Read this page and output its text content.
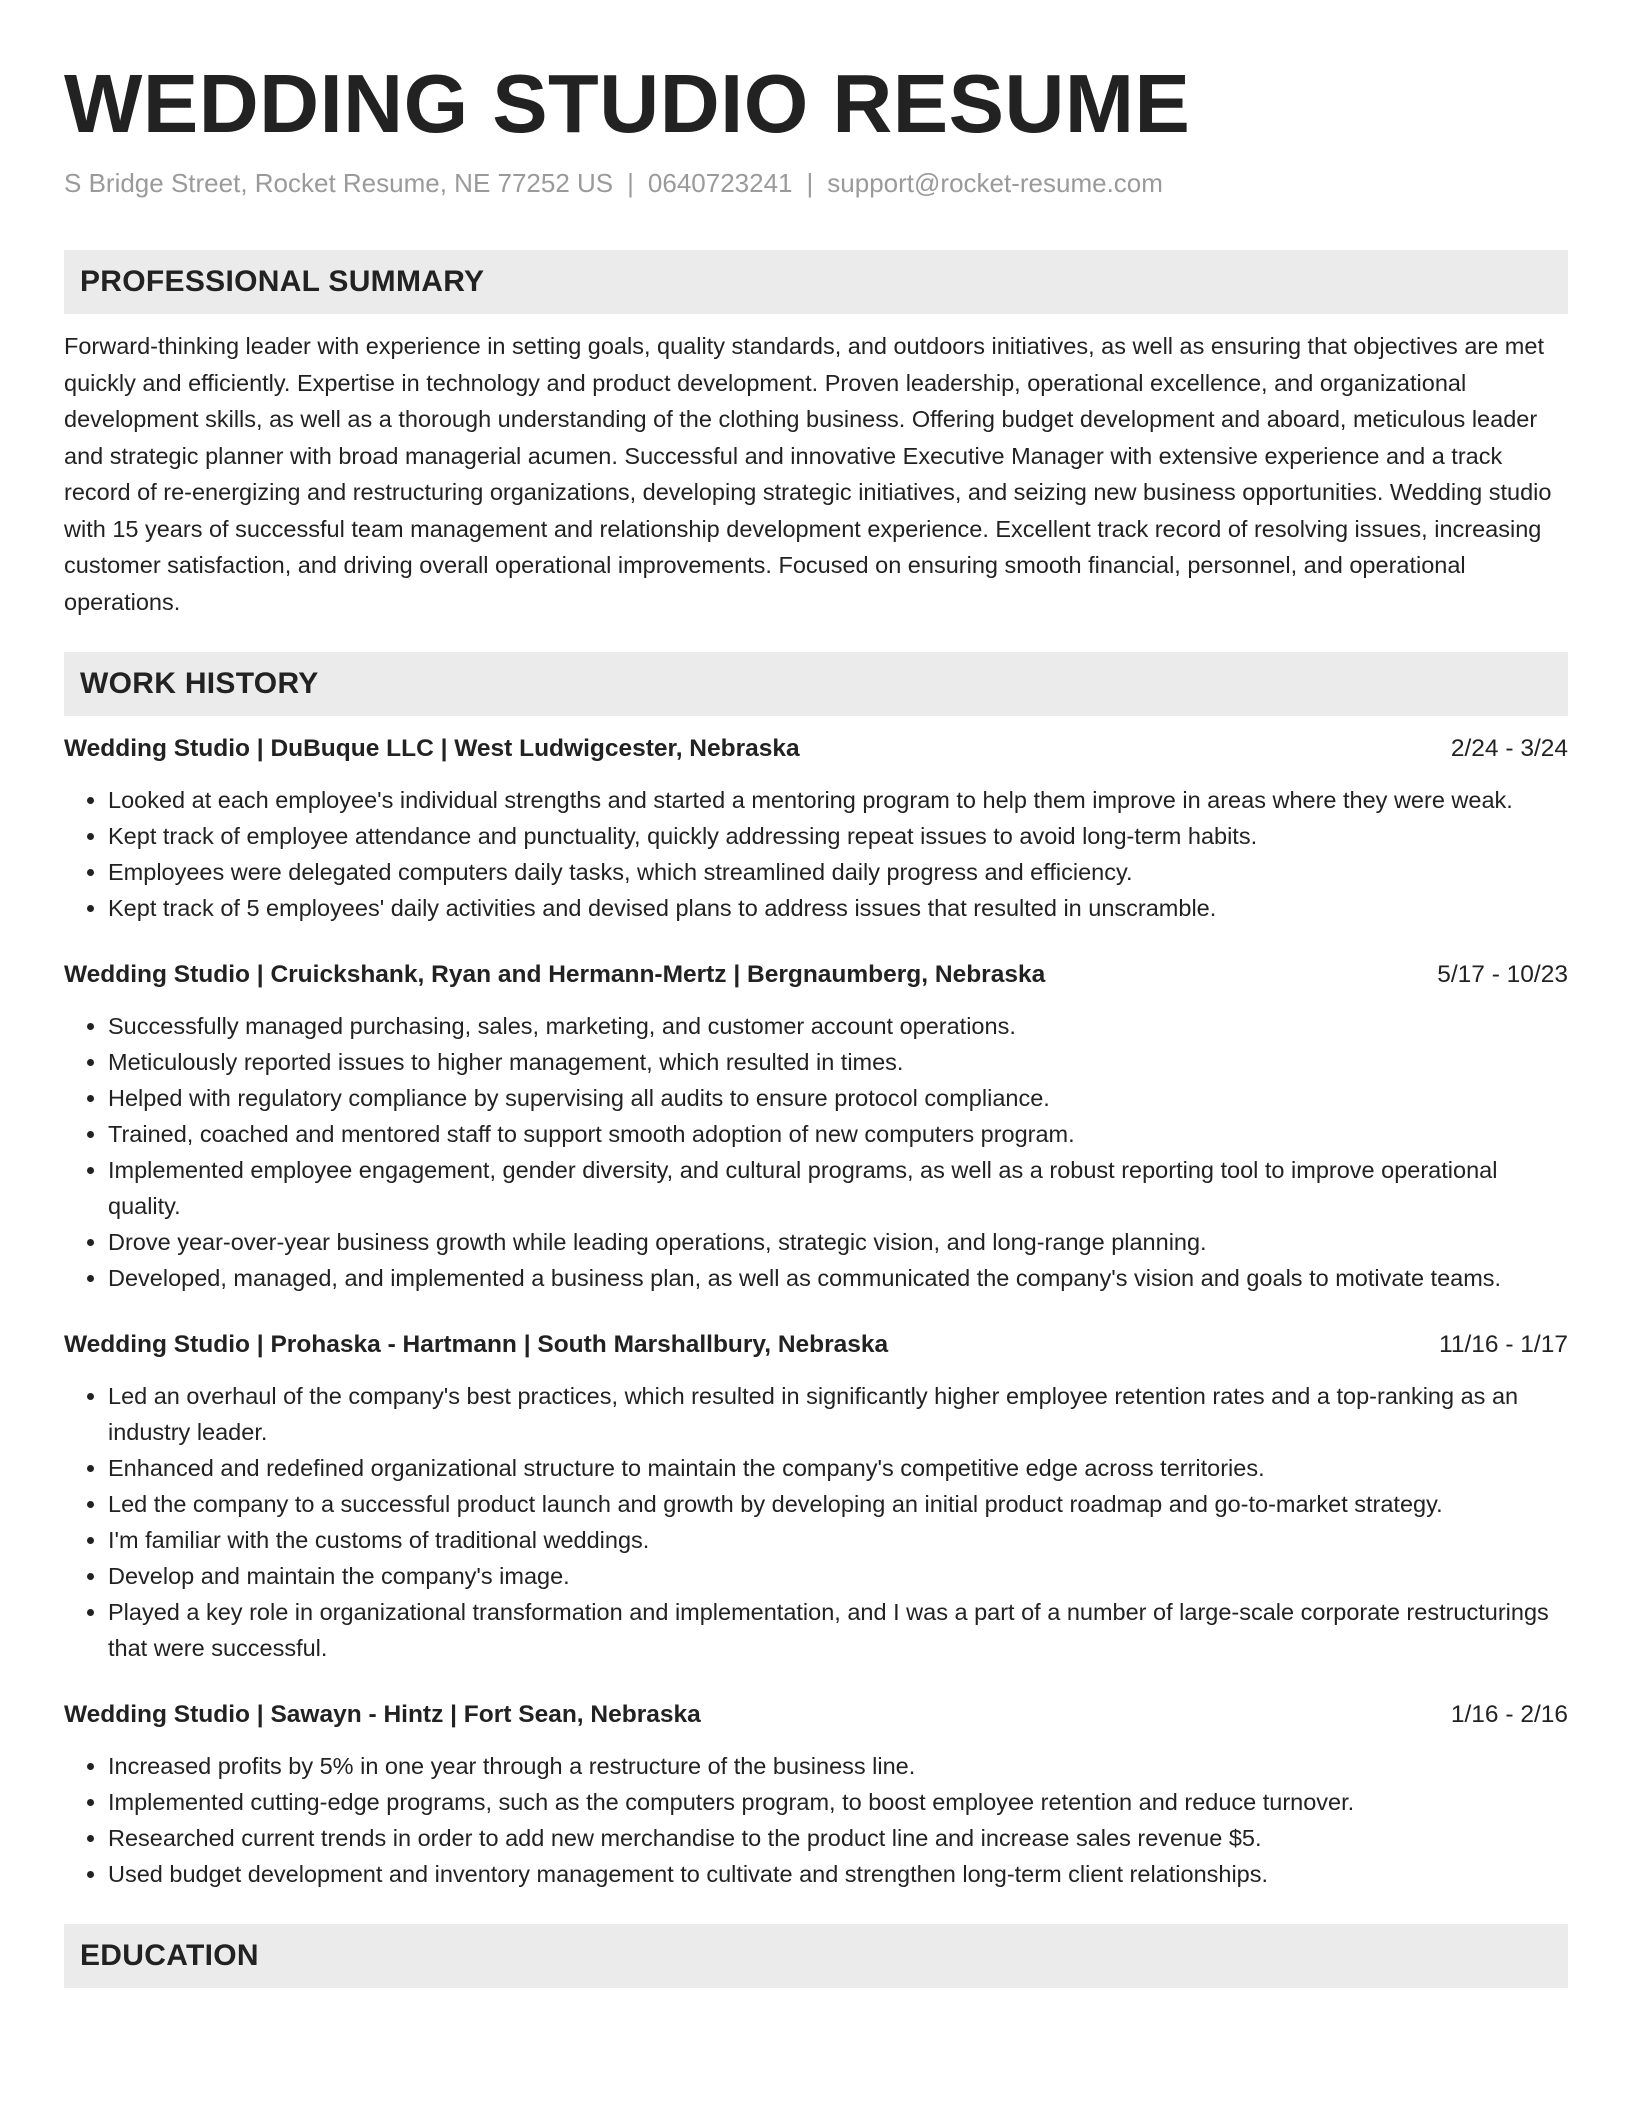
WEDDING STUDIO RESUME
S Bridge Street, Rocket Resume, NE 77252 US | 0640723241 | support@rocket-resume.com
PROFESSIONAL SUMMARY

Forward-thinking leader with experience in setting goals, quality standards, and outdoors initiatives, as well as ensuring that objectives are met quickly and efficiently. Expertise in technology and product development. Proven leadership, operational excellence, and organizational development skills, as well as a thorough understanding of the clothing business. Offering budget development and aboard, meticulous leader and strategic planner with broad managerial acumen. Successful and innovative Executive Manager with extensive experience and a track record of re-energizing and restructuring organizations, developing strategic initiatives, and seizing new business opportunities. Wedding studio with 15 years of successful team management and relationship development experience. Excellent track record of resolving issues, increasing customer satisfaction, and driving overall operational improvements. Focused on ensuring smooth financial, personnel, and operational operations.

WORK HISTORY
Wedding Studio | DuBuque LLC | West Ludwigcester, Nebraska	2/24 - 3/24
• Looked at each employee's individual strengths and started a mentoring program to help them improve in areas where they were weak.
• Kept track of employee attendance and punctuality, quickly addressing repeat issues to avoid long-term habits.
• Employees were delegated computers daily tasks, which streamlined daily progress and efficiency.
• Kept track of 5 employees' daily activities and devised plans to address issues that resulted in unscramble.
Wedding Studio | Cruickshank, Ryan and Hermann-Mertz | Bergnaumberg, Nebraska	5/17 - 10/23
• Successfully managed purchasing, sales, marketing, and customer account operations.
• Meticulously reported issues to higher management, which resulted in times.
• Helped with regulatory compliance by supervising all audits to ensure protocol compliance.
• Trained, coached and mentored staff to support smooth adoption of new computers program.
• Implemented employee engagement, gender diversity, and cultural programs, as well as a robust reporting tool to improve operational quality.
• Drove year-over-year business growth while leading operations, strategic vision, and long-range planning.
• Developed, managed, and implemented a business plan, as well as communicated the company's vision and goals to motivate teams.
Wedding Studio | Prohaska - Hartmann | South Marshallbury, Nebraska	11/16 - 1/17
• Led an overhaul of the company's best practices, which resulted in significantly higher employee retention rates and a top-ranking as an industry leader.
• Enhanced and redefined organizational structure to maintain the company's competitive edge across territories.
• Led the company to a successful product launch and growth by developing an initial product roadmap and go-to-market strategy.
• I'm familiar with the customs of traditional weddings.
• Develop and maintain the company's image.
• Played a key role in organizational transformation and implementation, and I was a part of a number of large-scale corporate restructurings that were successful.
Wedding Studio | Sawayn - Hintz | Fort Sean, Nebraska	1/16 - 2/16
• Increased profits by 5% in one year through a restructure of the business line.
• Implemented cutting-edge programs, such as the computers program, to boost employee retention and reduce turnover.
• Researched current trends in order to add new merchandise to the product line and increase sales revenue $5.
• Used budget development and inventory management to cultivate and strengthen long-term client relationships.
EDUCATION
